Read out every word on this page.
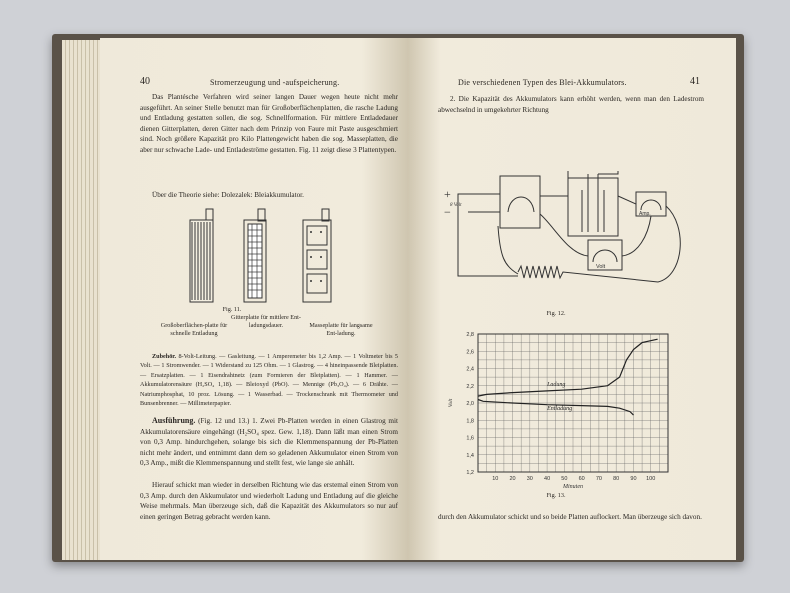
40	Stromerzeugung und -aufspeicherung.
Das Plantésche Verfahren wird seiner langen Dauer wegen heute nicht mehr ausgeführt. An seiner Stelle benutzt man für Großoberflächenplatten, die rasche Ladung und Entladung gestatten sollen, die sog. Schnellformation. Für mittlere Entladedauer dienen Gitterplatten, deren Gitter nach dem Prinzip von Faure mit Paste ausgeschmiert sind. Noch größere Kapazität pro Kilo Plattengewicht haben die sog. Masseplatten, die aber nur schwache Lade- und Entladeströme gestatten. Fig. 11 zeigt diese 3 Plattentypen.
Über die Theorie siehe: Dolezalek: Bleiakkumulator.
Fig. 11.
Großoberflächen-platte für schnelle Entladung
Gitterplatte für mittlere Ent-ladungsdauer.	Masseplatte für langsame Ent-ladung.
Zubehör. 8-Volt-Leitung. — Gasleitung. — 1 Amperemeter bis 1,2 Amp. — 1 Voltmeter bis 5 Volt. — 1 Stromwender. — 1 Widerstand zu 125 Ohm. — 1 Glastrog. — 4 hineinpassende Bleiplatten. — Ersatzplatten. — 1 Eisendrahtnetz (zum Formieren der Bleiplatten). — 1 Hammer. — Akkumulatorensäure (H₂SO₄ 1,18). — Bleioxyd (PbO). — Mennige (Pb₃O₄). — 6 Drähte. — Natriumphosphat, 10 proz. Lösung. — 1 Wasserbad. — Trockenschrank mit Thermometer und Bunsenbrenner. — Millimeterpapier.
Ausführung. (Fig. 12 und 13.) 1. Zwei Pb-Platten werden in einen Glastrog mit Akkumulatorensäure eingehängt (H₂SO₄ spez. Gew. 1,18). Dann läßt man einen Strom von 0,3 Amp. hindurchgehen, solange bis sich die Klemmenspannung der Pb-Platten nicht mehr ändert, und entnimmt dann dem so geladenen Akkumulator einen Strom von 0,3 Amp., mißt die Klemmenspannung und stellt fest, wie lange sie anhält.
Hierauf schickt man wieder in derselben Richtung wie das erstemal einen Strom von 0,3 Amp. durch den Akkumulator und wiederholt Ladung und Entladung auf die gleiche Weise mehrmals. Man überzeuge sich, daß die Kapazität des Akkumulators so nur auf einen geringen Betrag gebracht werden kann.
Die verschiedenen Typen des Blei-Akkumulators.	41
2. Die Kapazität des Akkumulators kann erhöht werden, wenn man den Ladestrom abwechselnd in umgekehrter Richtung
+
− 8 Volt
Amp.
Volt
Fig. 12.
10 20 30 40 50 60 70 80 90 100
1,2
1,4
1,6
1,8
2,0
2,2
2,4
2,6
2,8
Minuten
Volt
Ladung
Entladung
Fig. 13.
durch den Akkumulator schickt und so beide Platten auflockert. Man überzeuge sich davon.
